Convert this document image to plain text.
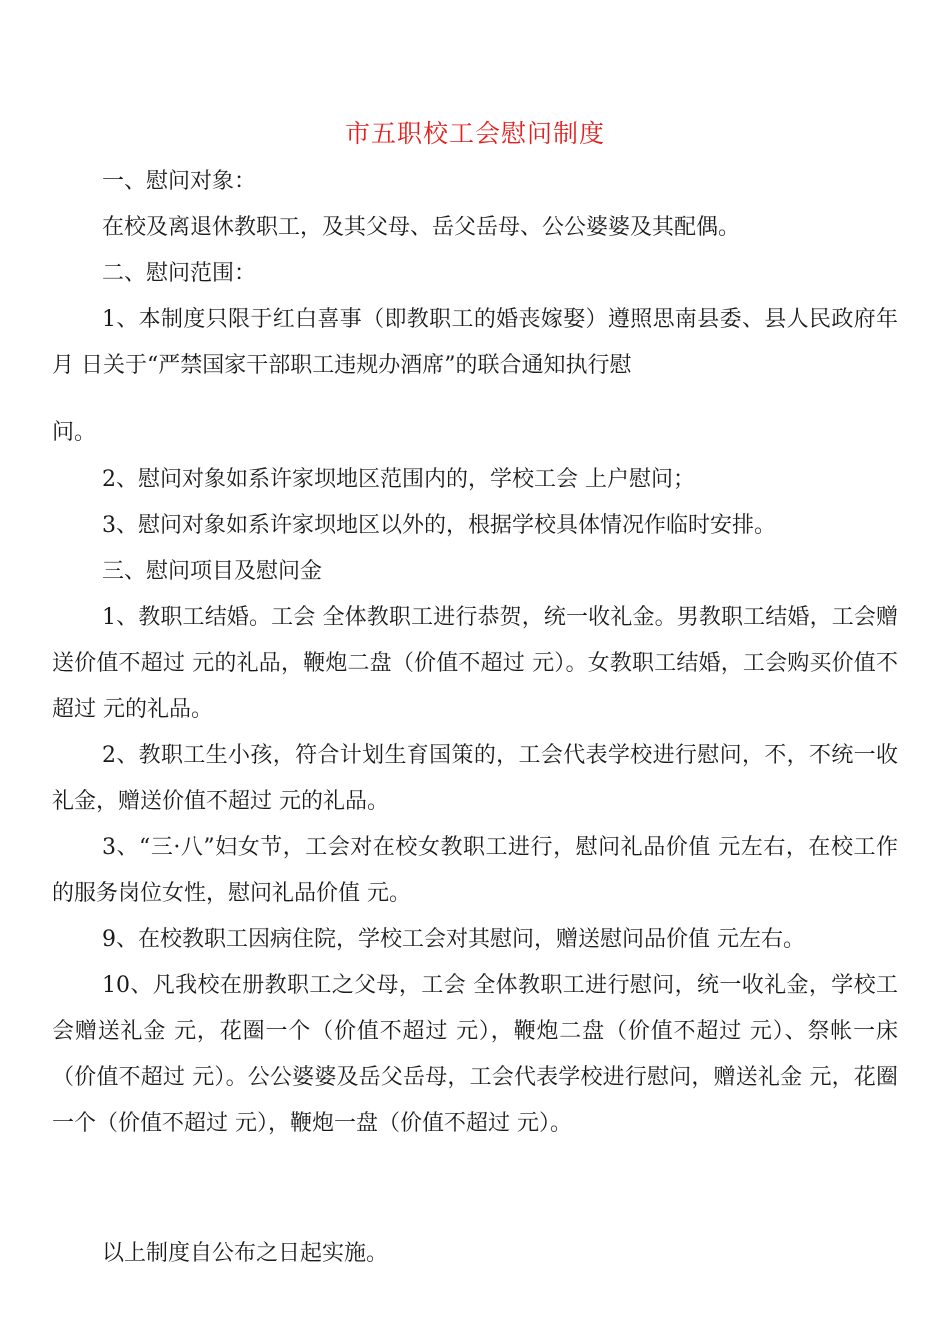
市五职校工会慰问制度
一、慰问对象：
在校及离退休教职工，及其父母、岳父岳母、公公婆婆及其配偶。
二、慰问范围：
1、本制度只限于红白喜事（即教职工的婚丧嫁娶）遵照思南县委、县人民政府年 月 日关于“严禁国家干部职工违规办酒席”的联合通知执行慰
问。
2、慰问对象如系许家坝地区范围内的，学校工会 上户慰问；
3、慰问对象如系许家坝地区以外的，根据学校具体情况作临时安排。
三、慰问项目及慰问金
1、教职工结婚。工会 全体教职工进行恭贺，统一收礼金。男教职工结婚，工会赠送价值不超过 元的礼品，鞭炮二盘（价值不超过 元）。女教职工结婚，工会购买价值不超过 元的礼品。
2、教职工生小孩，符合计划生育国策的，工会代表学校进行慰问，不，不统一收礼金，赠送价值不超过 元的礼品。
3、“三·八”妇女节，工会对在校女教职工进行，慰问礼品价值 元左右，在校工作的服务岗位女性，慰问礼品价值 元。
9、在校教职工因病住院，学校工会对其慰问，赠送慰问品价值 元左右。
10、凡我校在册教职工之父母，工会 全体教职工进行慰问，统一收礼金，学校工会赠送礼金 元，花圈一个（价值不超过 元），鞭炮二盘（价值不超过 元）、祭帐一床（价值不超过 元）。公公婆婆及岳父岳母，工会代表学校进行慰问，赠送礼金 元，花圈一个（价值不超过 元），鞭炮一盘（价值不超过 元）。
以上制度自公布之日起实施。
